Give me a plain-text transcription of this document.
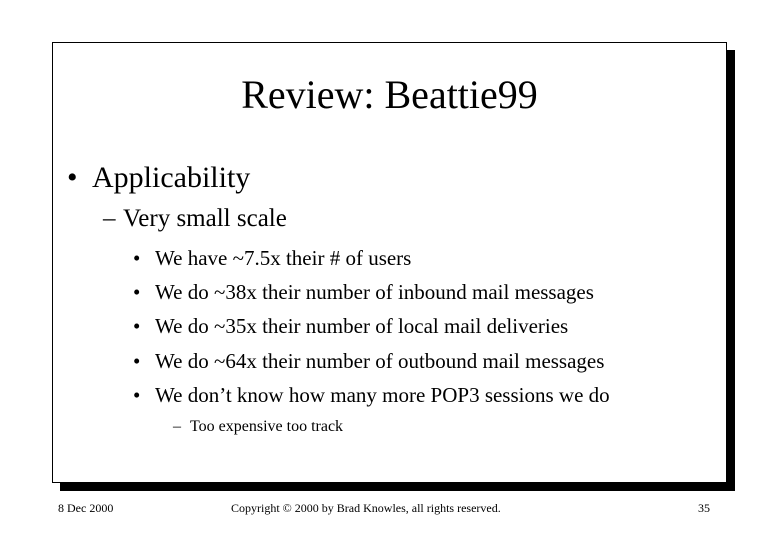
Review: Beattie99
• Applicability
– Very small scale
• We have ~7.5x their # of users
• We do ~38x their number of inbound mail messages
• We do ~35x their number of local mail deliveries
• We do ~64x their number of outbound mail messages
• We don’t know how many more POP3 sessions we do
– Too expensive too track
8 Dec 2000	Copyright © 2000 by Brad Knowles, all rights reserved.	35
